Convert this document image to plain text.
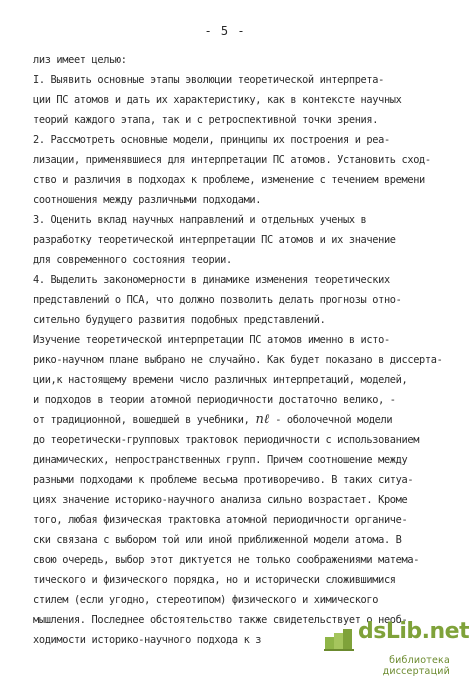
- 5 -
лиз имеет целью:
I. Выявить основные этапы эволюции теоретической интерпрета-
ции ПС атомов и дать их характеристику, как в контексте научных
теорий каждого этапа, так и с ретроспективной точки зрения.
2. Рассмотреть основные модели, принципы их построения и реа-
лизации, применявшиеся для интерпретации ПС атомов. Установить сход-
ство и различия в подходах к проблеме, изменение с течением времени
соотношения между различными подходами.
3. Оценить вклад научных направлений и отдельных ученых в
разработку теоретической интерпретации ПС атомов и их значение
для современного состояния теории.
4. Выделить закономерности в динамике изменения теоретических
представлений о ПСА, что должно позволить делать прогнозы отно-
сительно будущего развития подобных представлений.
Изучение теоретической интерпретации ПС атомов именно в исто-
рико-научном плане выбрано не случайно. Как будет показано в диссерта-
ции,к настоящему времени число различных интерпретаций, моделей,
и подходов в теории атомной периодичности достаточно велико, -
от традиционной, вошедшей в учебники, nℓ - оболочечной модели
до теоретически-групповых трактовок периодичности с использованием
динамических, непространственных групп. Причем соотношение между
разными подходами к проблеме весьма противоречиво. В таких ситуа-
циях значение историко-научного анализа сильно возрастает. Кроме
того, любая физическая трактовка атомной периодичности органиче-
ски связана с выбором той или иной приближенной модели атома. В
свою очередь, выбор этот диктуется не только соображениями матема-
тического и физического порядка, но и исторически сложившимися
стилем (если угодно, стереотипом) физического и химического
мышления. Последнее обстоятельство также свидетельствует о необ-
ходимости историко-научного подхода к з	dsLib.net
библиотека диссертаций
